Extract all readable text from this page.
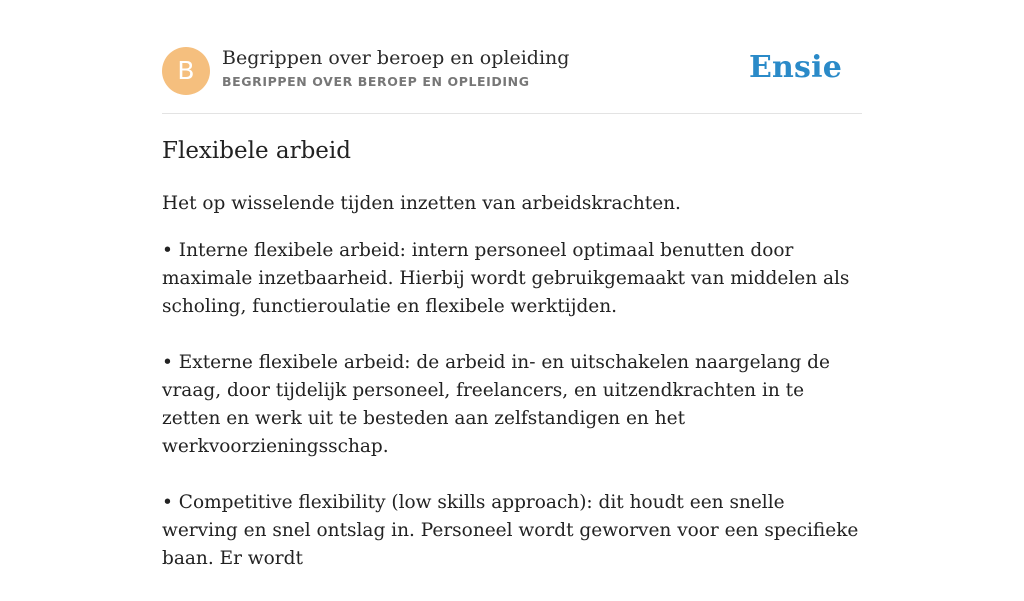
B	Begrippen over beroep en opleiding
BEGRIPPEN OVER BEROEP EN OPLEIDING	Ensie
Flexibele arbeid

Het op wisselende tijden inzetten van arbeidskrachten.

• Interne flexibele arbeid: intern personeel optimaal benutten door maximale inzetbaarheid. Hierbij wordt gebruikgemaakt van middelen als scholing, functieroulatie en flexibele werktijden.

• Externe flexibele arbeid: de arbeid in- en uitschakelen naargelang de vraag, door tijdelijk personeel, freelancers, en uitzendkrachten in te zetten en werk uit te besteden aan zelfstandigen en het werkvoorzieningsschap.

• Competitive flexibility (low skills approach): dit houdt een snelle werving en snel ontslag in. Personeel wordt geworven voor een specifieke baan. Er wordt
